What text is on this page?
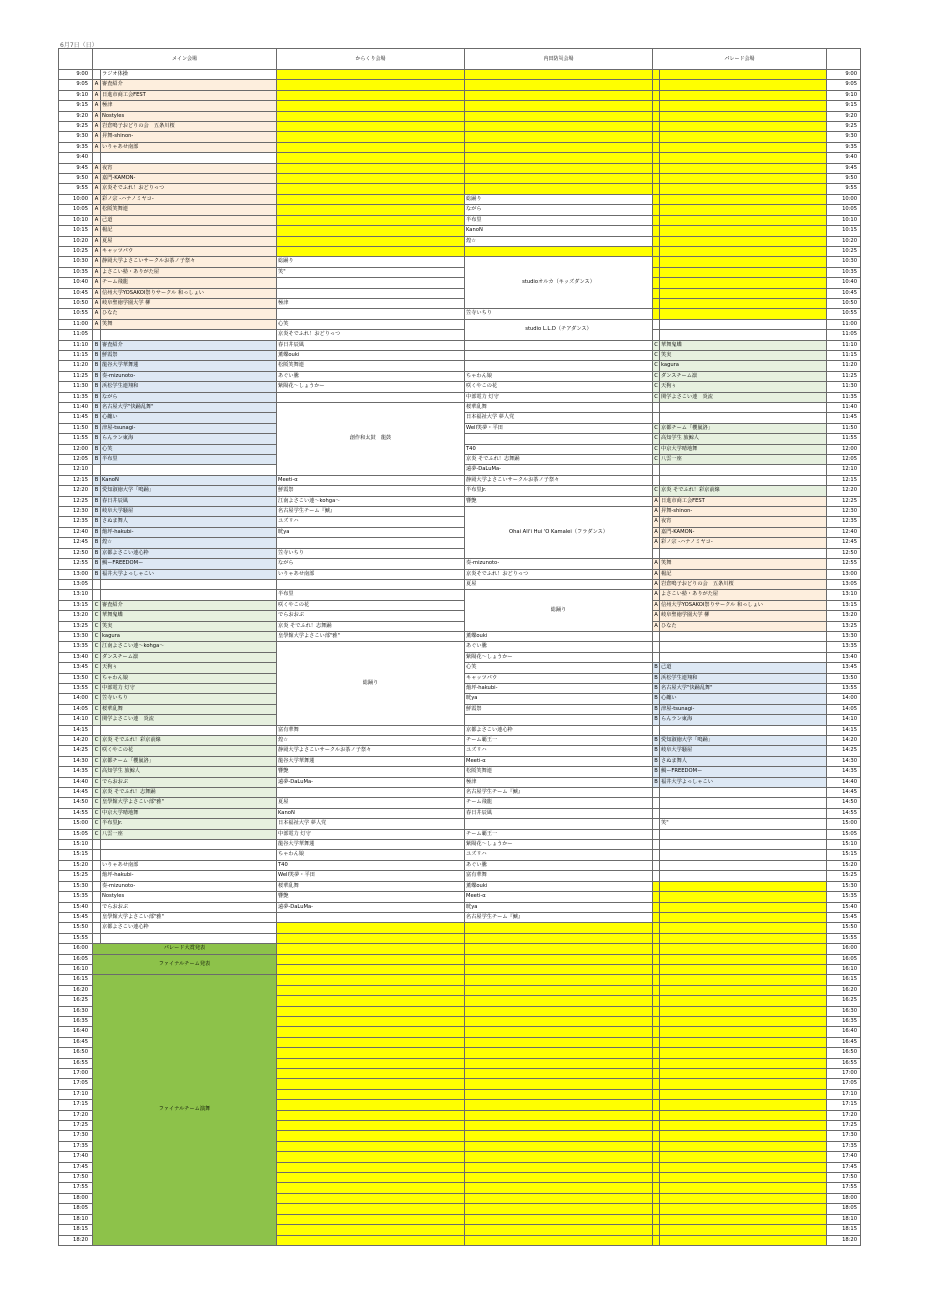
6月7日（日）
	メイン会場		からくり会場	内田防災会場	パレード会場		
9:00		ラジオ体操					9:00
9:05	A	審査紹介					9:05
9:10	A	日進市商工会FEST					9:10
9:15	A	極津					9:15
9:20	A	Nostyles					9:20
9:25	A	岩倉鳴子おどりの会　五条川桜					9:25
9:30	A	昇舞-shinon-					9:30
9:35	A	いりゃあせ南部					9:35
9:40							9:40
9:45	A	夜宵					9:45
9:50	A	嘉門-KAMON-					9:50
9:55	A	京炎そでふれ！おどりっつ					9:55
10:00	A	彩ノ宗 -ハナノミヤコ-		総踊り			10:00
10:05	A	松阪笑舞連		ながら			10:05
10:10	A	己道		半布里			10:10
10:15	A	楊記		KanoN			10:15
10:20	A	夏屋		煌☆			10:20
10:25	A	キャッツパウ					10:25
10:30	A	静岡大学よさこいサークルお茶ノ子祭々	総踊り	studioオルカ（キッズダンス）			10:30
10:35	A	よさこい塾・ありがた屋	笑"				10:35
10:40	A	チーム飛龍					10:40
10:45	A	信州大学YOSAKOI祭りサークル 和っしょい					10:45
10:50	A	岐阜聖徳学園大学 柳	極津				10:50
10:55	A	ひなた		笠寺いちり			10:55
11:00	A	笑舞	心笑	studio L.L.D（チアダンス）			11:00
11:05			京炎そでふれ！おどりっつ				11:05
11:10	B	審査紹介	春日井辰風		C	華舞鬼蝶	11:10
11:15	B	鮮霞祭	薫蝶ouki		C	笑実	11:15
11:20	B	龍谷大学華舞蓮	松阪笑舞連		C	kagura	11:20
11:25	B	奏-mizunoto-	あぐい騰	ちゃわん娘	C	ダンスチーム凛	11:25
11:30	B	浜松学生連翔和	紫陽花〜しょうかー	咲くやこの花	C	天狗ぅ	11:30
11:35	B	ながら		中部電力 灯守	C	関学よさこい連　炎流	11:35
11:40	B	名古屋大学"快踊乱舞"	創作和太鼓　龍鼓	桜華乱舞			11:40
11:45	B	心纏い		日本福祉大学 夢人党			11:45
11:50	B	津屋-tsunagi-		Well笑夢・平田	C	京都チーム「櫻嵐洛」	11:50
11:55	B	らんラン東海			C	高知学生 旅鯨人	11:55
12:00	B	心笑		T40	C	中京大学晴地舞	12:00
12:05	B	半布里		京炎 そでふれ！志舞踊	C	八雲一座	12:05
12:10				遠夢-DaLuMa-			12:10
12:15	B	KanoN	Meeti-α	静岡大学よさこいサークルお茶ノ子祭々			12:15
12:20	B	愛知淑徳大学「鳴踊」	鮮霞祭	半布里Jr.	C	京炎 そでふれ！彩京前線	12:20
12:25	B	春日井辰風	江南よさこい連〜kohga〜	響艶	A	日進市商工会FEST	12:25
12:30	B	岐阜大学騒屋	名古屋学生チーム『鯱』	Ohai Ali'i Hui 'O Kamalei（フラダンス）	A	昇舞-shinon-	12:30
12:35	B	さぬま舞人	ユズリハ		A	夜宵	12:35
12:40	B	焔坪-hakubi-	晄ya		A	嘉門-KAMON-	12:40
12:45	B	煌☆			A	彩ノ宗 -ハナノミヤコ-	12:45
12:50	B	京都よさこい連心粋	笠寺いちり				12:50
12:55	B	鯛ーFREEDOMー	ながら	奏-mizunoto-	A	笑舞	12:55
13:00	B	福井大学よっしゃこい	いりゃあせ南部	京炎そでふれ！おどりっつ	A	楊記	13:00
13:05				夏屋	A	岩倉鳴子おどりの会　五条川桜	13:05
13:10			半布里	総踊り	A	よさこい塾・ありがた屋	13:10
13:15	C	審査紹介	咲くやこの花		A	信州大学YOSAKOI祭りサークル 和っしょい	13:15
13:20	C	華舞鬼蝶	でらおおぶ		A	岐阜聖徳学園大学 柳	13:20
13:25	C	笑実	京炎 そでふれ！志舞踊		A	ひなた	13:25
13:30	C	kagura	皇學館大学よさこい部"雅"	薫蝶ouki			13:30
13:35	C	江南よさこい連〜kohga〜	総踊り	あぐい騰			13:35
13:40	C	ダンスチーム凛		紫陽花〜しょうかー			13:40
13:45	C	天狗ぅ		心笑	B	己道	13:45
13:50	C	ちゃわん娘		キャッツパウ	B	浜松学生連翔和	13:50
13:55	C	中部電力 灯守		焔坪-hakubi-	B	名古屋大学"快踊乱舞"	13:55
14:00	C	笠寺いちり		晄ya	B	心纏い	14:00
14:05	C	桜華乱舞		鮮霞祭	B	津屋-tsunagi-	14:05
14:10	C	関学よさこい連　炎流			B	らんラン東海	14:10
14:15			富有華舞	京都よさこい連心粋			14:15
14:20	C	京炎 そでふれ！彩京前線	煌☆	チーム覇王一	B	愛知淑徳大学「鳴踊」	14:20
14:25	C	咲くやこの花	静岡大学よさこいサークルお茶ノ子祭々	ユズリハ	B	岐阜大学騒屋	14:25
14:30	C	京都チーム「櫻嵐洛」	龍谷大学華舞蓮	Meeti-α	B	さぬま舞人	14:30
14:35	C	高知学生 旅鯨人	響艶	松阪笑舞連	B	鯛ーFREEDOMー	14:35
14:40	C	でらおおぶ	遠夢-DaLuMa-	極津	B	福井大学よっしゃこい	14:40
14:45	C	京炎 そでふれ！志舞踊		名古屋学生チーム『鯱』			14:45
14:50	C	皇學館大学よさこい部"雅"	夏屋	チーム飛龍			14:50
14:55	C	中京大学晴地舞	KanoN	春日井辰風			14:55
15:00	C	半布里Jr.	日本福祉大学 夢人党			笑"	15:00
15:05	C	八雲一座	中部電力 灯守	チーム覇王一			15:05
15:10			龍谷大学華舞蓮	紫陽花〜しょうかー			15:10
15:15			ちゃわん娘	ユズリハ			15:15
15:20		いりゃあせ南部	T40	あぐい騰			15:20
15:25		焔坪-hakubi-	Well笑夢・平田	富有華舞			15:25
15:30		奏-mizunoto-	桜華乱舞	薫蝶ouki			15:30
15:35		Nostyles	響艶	Meeti-α			15:35
15:40		でらおおぶ	遠夢-DaLuMa-	晄ya			15:40
15:45		皇學館大学よさこい部"雅"		名古屋学生チーム『鯱』			15:45
15:50		京都よさこい連心粋					15:50
15:55							15:55
16:00	パレード大賞発表						16:00
16:05	ファイナルチーム発表						16:05
16:10							16:10
16:15	ファイナルチーム演舞						16:15
16:20							16:20
16:25							16:25
16:30							16:30
16:35							16:35
16:40							16:40
16:45							16:45
16:50							16:50
16:55							16:55
17:00							17:00
17:05							17:05
17:10							17:10
17:15							17:15
17:20							17:20
17:25							17:25
17:30							17:30
17:35							17:35
17:40							17:40
17:45							17:45
17:50							17:50
17:55							17:55
18:00							18:00
18:05							18:05
18:10							18:10
18:15							18:15
18:20							18:20
